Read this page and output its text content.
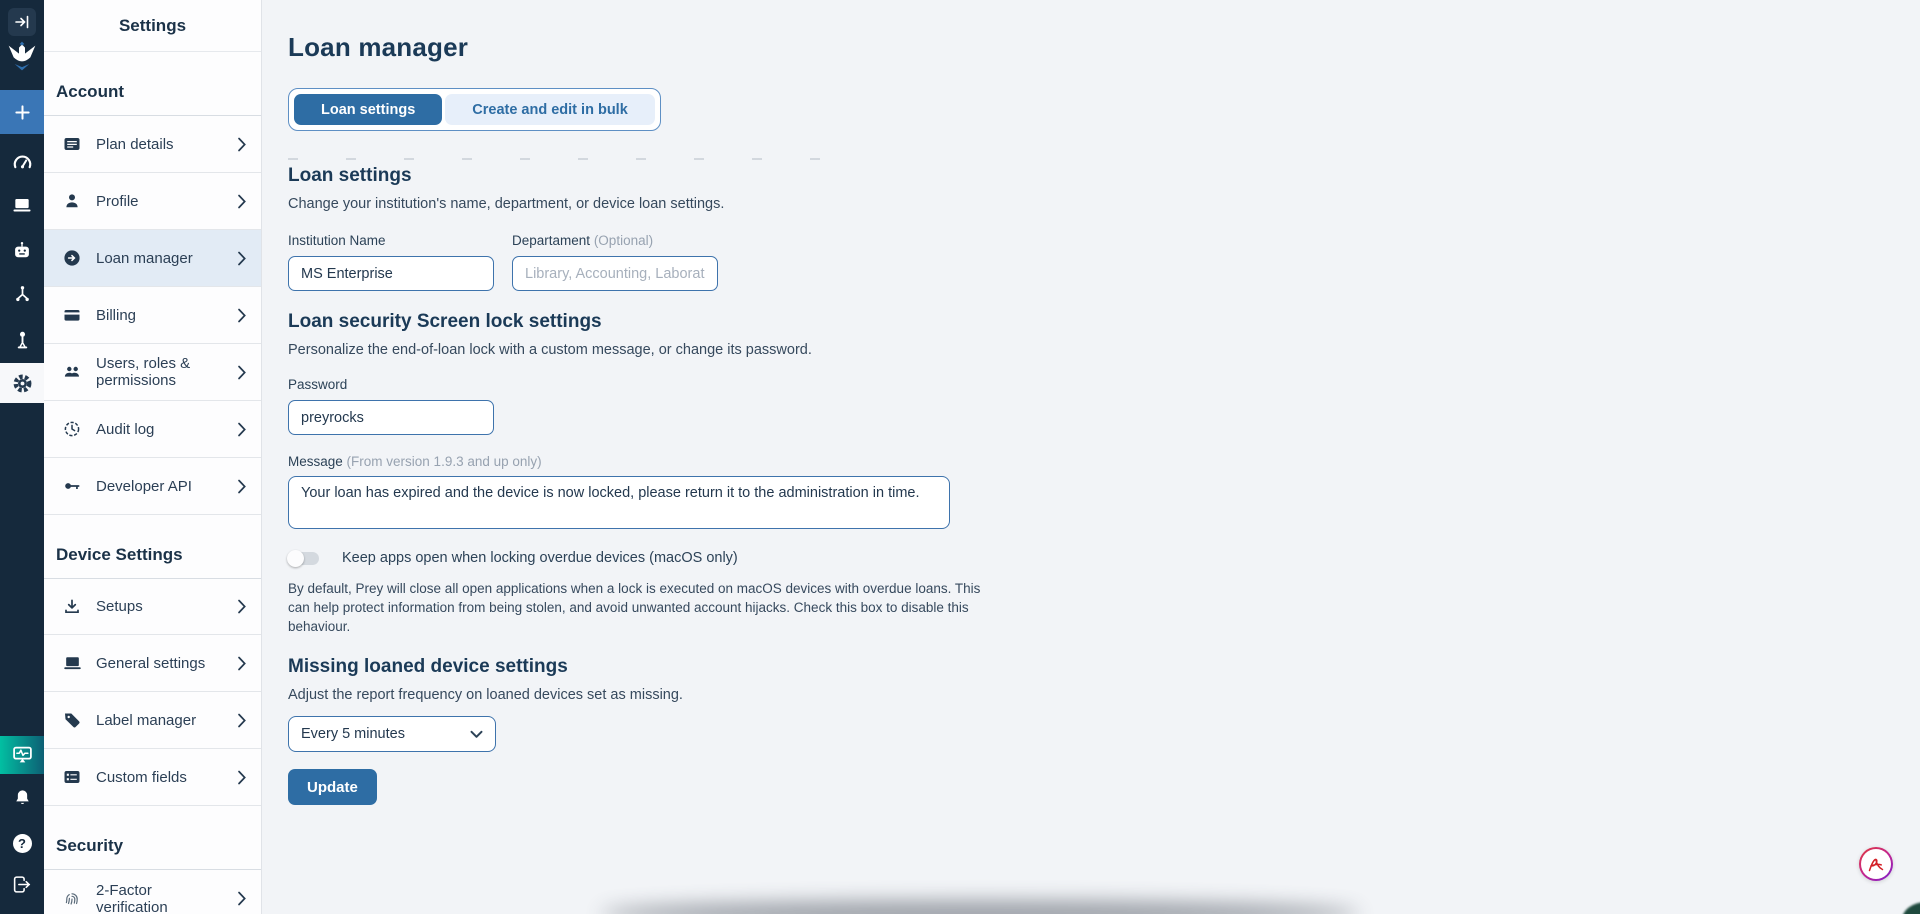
?
Settings
Account
Plan details
Profile
Loan manager
Billing
Users, roles & permissions
Audit log
Developer API
Device Settings
Setups
General settings
Label manager
Custom fields
Security
2-Factor verification
Loan manager
Loan settings	Create and edit in bulk
Loan settings
Change your institution's name, department, or device loan settings.
Institution Name
MS Enterprise	Departament (Optional)
Library, Accounting, Laborato
Loan security Screen lock settings
Personalize the end-of-loan lock with a custom message, or change its password.
Password
preyrocks
Message (From version 1.9.3 and up only)
Your loan has expired and the device is now locked, please return it to the administration in time.
Keep apps open when locking overdue devices (macOS only)
By default, Prey will close all open applications when a lock is executed on macOS devices with overdue loans. This can help protect information from being stolen, and avoid unwanted account hijacks. Check this box to disable this behaviour.
Missing loaned device settings
Adjust the report frequency on loaned devices set as missing.
Every 5 minutes
Update
